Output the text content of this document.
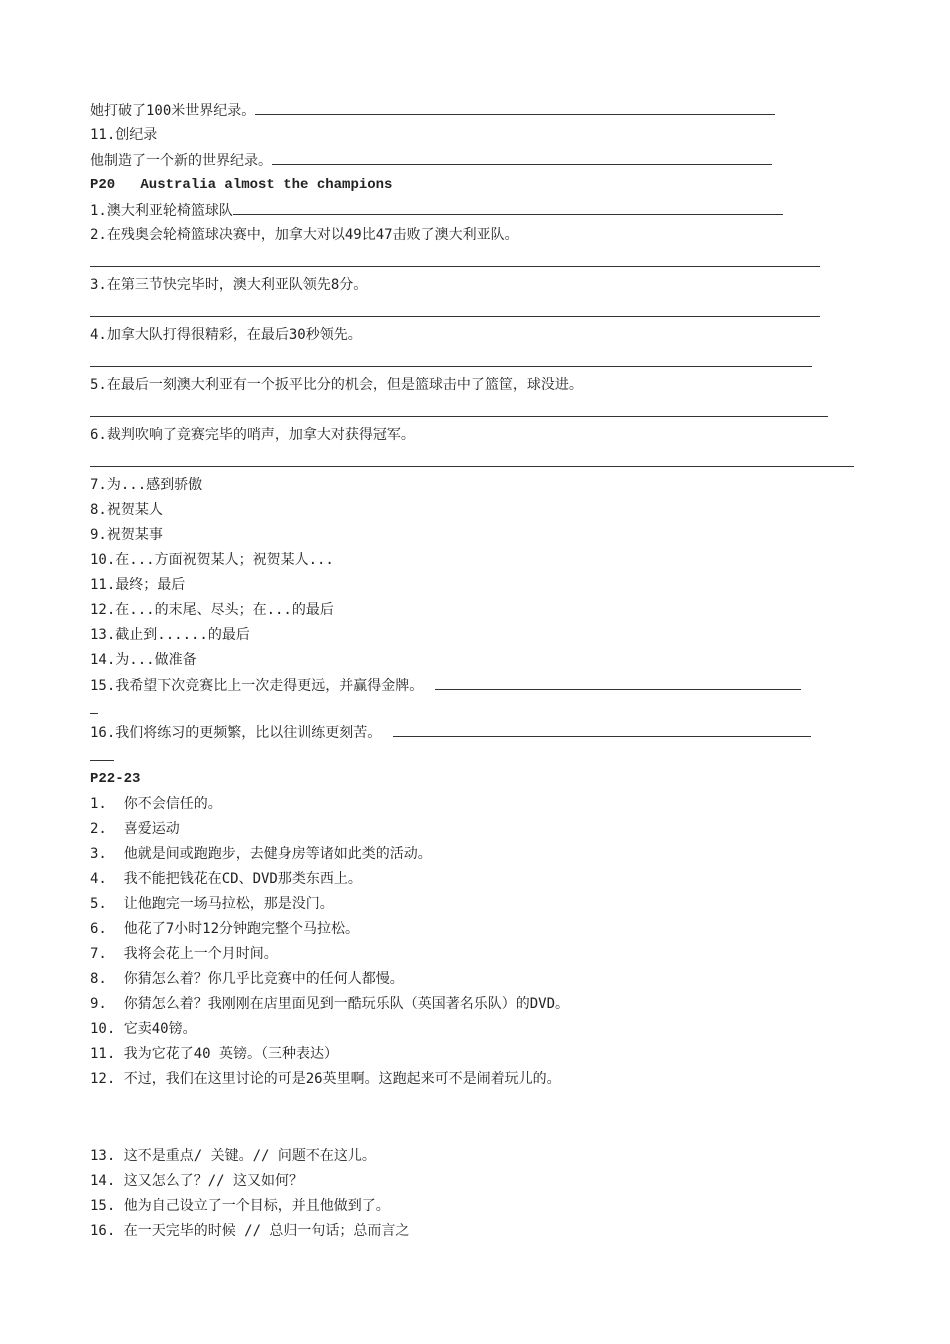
她打破了100米世界纪录。
11.创纪录
他制造了一个新的世界纪录。
P20   Australia almost the champions
1.澳大利亚轮椅篮球队
2.在残奥会轮椅篮球决赛中，加拿大对以49比47击败了澳大利亚队。
3.在第三节快完毕时，澳大利亚队领先8分。
4.加拿大队打得很精彩，在最后30秒领先。
5.在最后一刻澳大利亚有一个扳平比分的机会，但是篮球击中了篮筐，球没进。
6.裁判吹响了竞赛完毕的哨声，加拿大对获得冠军。
7.为...感到骄傲
8.祝贺某人
9.祝贺某事
10.在...方面祝贺某人；祝贺某人...
11.最终；最后
12.在...的末尾、尽头；在...的最后
13.截止到......的最后
14.为...做准备
15.我希望下次竞赛比上一次走得更远，并赢得金牌。
16.我们将练习的更频繁，比以往训练更刻苦。
P22-23
1.  你不会信任的。
2.  喜爱运动
3.  他就是间或跑跑步，去健身房等诸如此类的活动。
4.  我不能把钱花在CD、DVD那类东西上。
5.  让他跑完一场马拉松，那是没门。
6.  他花了7小时12分钟跑完整个马拉松。
7.  我将会花上一个月时间。
8.  你猜怎么着？你几乎比竞赛中的任何人都慢。
9.  你猜怎么着？我刚刚在店里面见到一酷玩乐队（英国著名乐队）的DVD。
10. 它卖40镑。
11. 我为它花了40 英镑。（三种表达）
12. 不过，我们在这里讨论的可是26英里啊。这跑起来可不是闹着玩儿的。
13. 这不是重点/ 关键。// 问题不在这儿。
14. 这又怎么了？// 这又如何？
15. 他为自己设立了一个目标，并且他做到了。
16. 在一天完毕的时候 // 总归一句话；总而言之
